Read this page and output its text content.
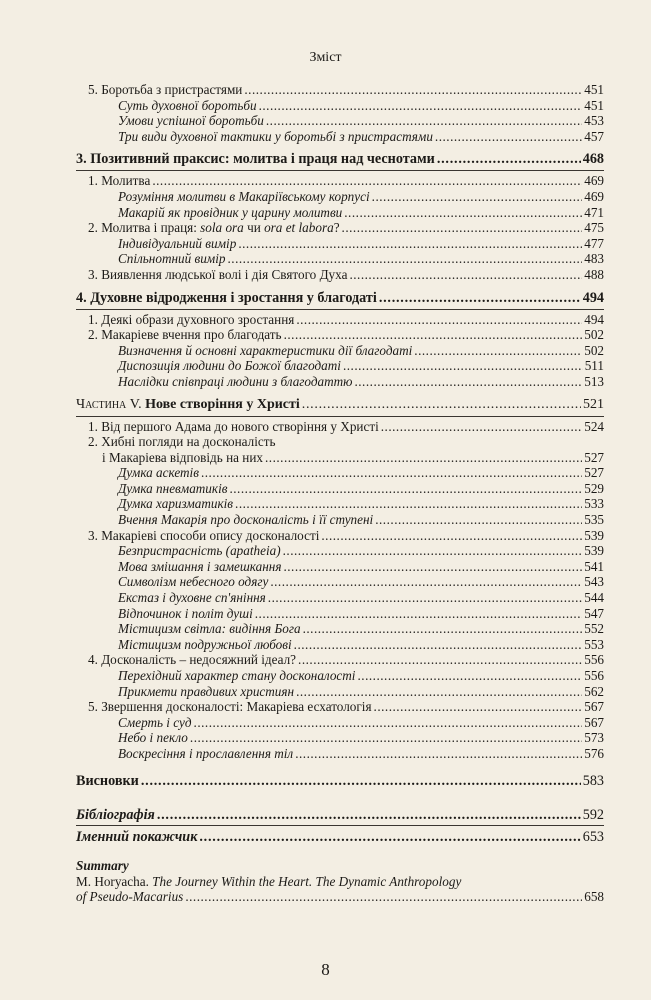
Зміст
5. Боротьба з пристрастями . . .	451
Суть духовної боротьби . . .	451
Умови успішної боротьби . . .	453
Три види духовної тактики у боротьбі з пристрастями . . .	457
3. Позитивний праксис: молитва і праця над чеснотами . . .	468
1. Молитва . . .	469
Розуміння молитви в Макаріївському корпусі . . .	469
Макарій як провідник у царину молитви . . .	471
2. Молитва і праця: sola ora чи ora et labora? . . .	475
Індивідуальний вимір . . .	477
Спільнотний вимір . . .	483
3. Виявлення людської волі і дія Святого Духа . . .	488
4. Духовне відродження і зростання у благодаті . . .	494
1. Деякі образи духовного зростання . . .	494
2. Макаріеве вчення про благодать . . .	502
Визначення й основні характеристики дії благодаті . . .	502
Диспозиція людини до Божої благодаті . . .	511
Наслідки співпраці людини з благодаттю . . .	513
Частина V. Нове створіння у Христі . . .	521
1. Від першого Адама до нового створіння у Христі . . .	524
2. Хибні погляди на досконалість
і Макаріева відповідь на них . . .	527
Думка аскетів . . .	527
Думка пневматиків . . .	529
Думка харизматиків . . .	533
Вчення Макарія про досконалість і її ступені . . .	535
3. Макаріеві способи опису досконалості . . .	539
Безпристрасність (apatheia) . . .	539
Мова змішання і замешкання . . .	541
Символізм небесного одягу . . .	543
Екстаз і духовне сп'яніння . . .	544
Відпочинок і політ душі . . .	547
Містицизм світла: видіння Бога . . .	552
Містицизм подружньої любові . . .	553
4. Досконалість – недосяжний ідеал? . . .	556
Перехідний характер стану досконалості . . .	556
Прикмети правдивих християн . . .	562
5. Звершення досконалості: Макаріева есхатологія . . .	567
Смерть і суд . . .	567
Небо і пекло . . .	573
Воскресіння і прославлення тіл . . .	576
Висновки . . .	583
Бібліографія . . .	592
Іменний покажчик . . .	653
Summary
M. Horyacha. The Journey Within the Heart. The Dynamic Anthropology
of Pseudo-Macarius . . .	658
8
